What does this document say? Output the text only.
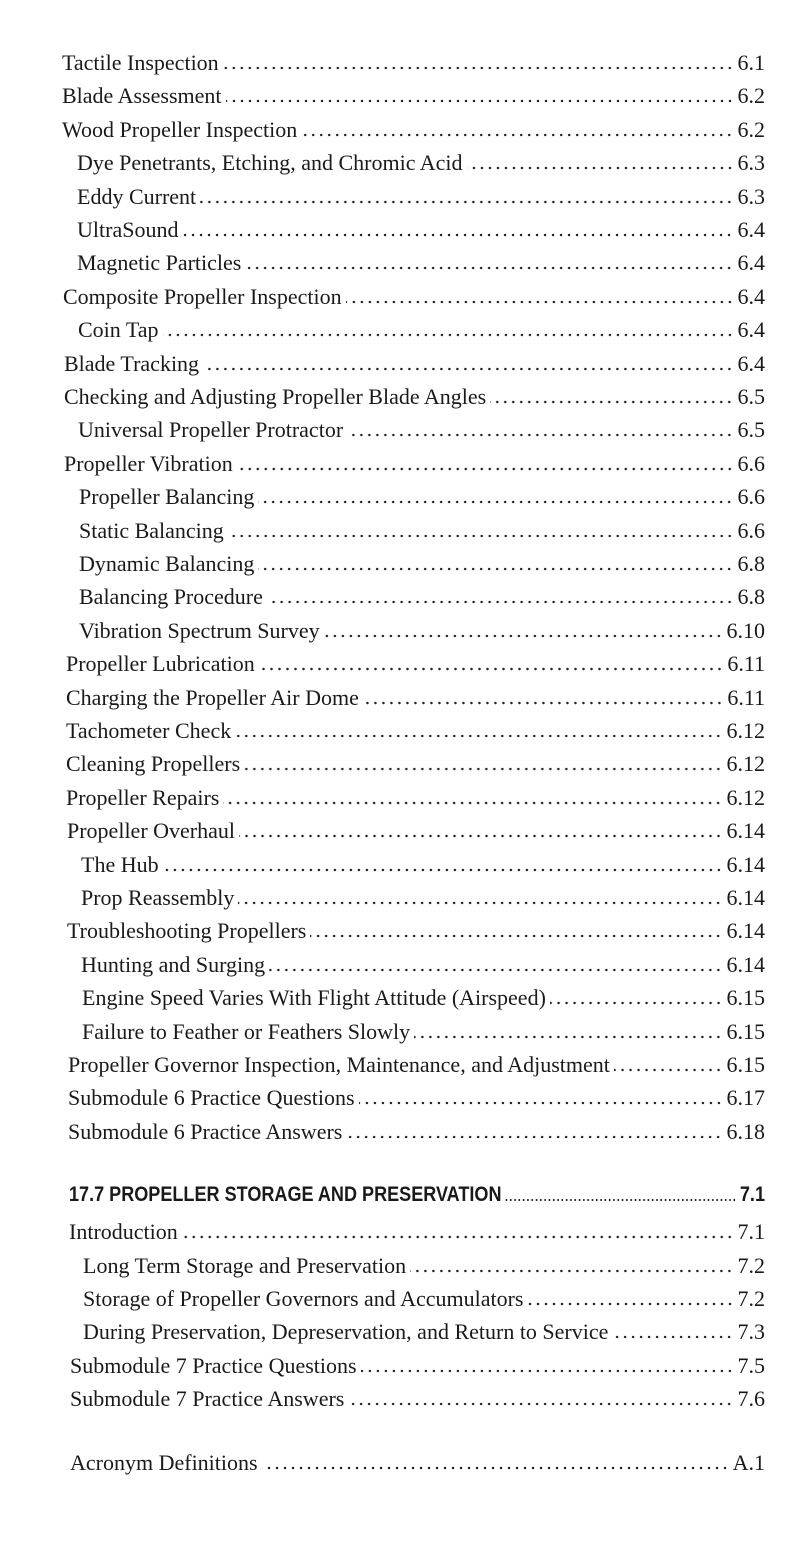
Tactile Inspection	6.1
Blade Assessment	6.2
Wood Propeller Inspection	6.2
Dye Penetrants, Etching, and Chromic Acid	6.3
Eddy Current	6.3
UltraSound	6.4
Magnetic Particles	6.4
Composite Propeller Inspection	6.4
Coin Tap	6.4
Blade Tracking	6.4
Checking and Adjusting Propeller Blade Angles	6.5
Universal Propeller Protractor	6.5
Propeller Vibration	6.6
Propeller Balancing	6.6
Static Balancing	6.6
Dynamic Balancing	6.8
Balancing Procedure	6.8
Vibration Spectrum Survey	6.10
Propeller Lubrication	6.11
Charging the Propeller Air Dome	6.11
Tachometer Check	6.12
Cleaning Propellers	6.12
Propeller Repairs	6.12
Propeller Overhaul	6.14
The Hub	6.14
Prop Reassembly	6.14
Troubleshooting Propellers	6.14
Hunting and Surging	6.14
Engine Speed Varies With Flight Attitude (Airspeed)	6.15
Failure to Feather or Feathers Slowly	6.15
Propeller Governor Inspection, Maintenance, and Adjustment	6.15
Submodule 6 Practice Questions	6.17
Submodule 6 Practice Answers	6.18
17.7 PROPELLER STORAGE AND PRESERVATION	7.1
Introduction	7.1
Long Term Storage and Preservation	7.2
Storage of Propeller Governors and Accumulators	7.2
During Preservation, Depreservation, and Return to Service	7.3
Submodule 7 Practice Questions	7.5
Submodule 7 Practice Answers	7.6
Acronym Definitions	A.1
